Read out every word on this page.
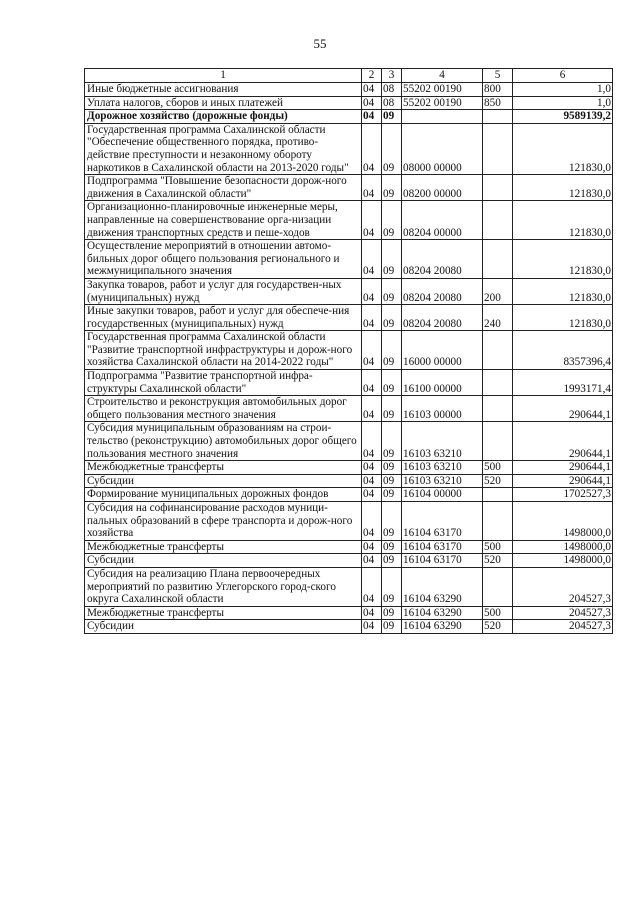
55
1	2	3	4	5	6
Иные бюджетные ассигнования	04	08	55202 00190	800	1,0
Уплата налогов, сборов и иных платежей	04	08	55202 00190	850	1,0
Дорожное хозяйство (дорожные фонды)	04	09			9589139,2
Государственная программа Сахалинской области "Обеспечение общественного порядка, противо-действие преступности и незаконному обороту наркотиков в Сахалинской области на 2013-2020 годы"	04	09	08000 00000		121830,0
Подпрограмма "Повышение безопасности дорож-ного движения в Сахалинской области"	04	09	08200 00000		121830,0
Организационно-планировочные инженерные меры, направленные на совершенствование орга-низации движения транспортных средств и пеше-ходов	04	09	08204 00000		121830,0
Осуществление мероприятий в отношении автомо-бильных дорог общего пользования регионального и межмуниципального значения	04	09	08204 20080		121830,0
Закупка товаров, работ и услуг для государствен-ных (муниципальных) нужд	04	09	08204 20080	200	121830,0
Иные закупки товаров, работ и услуг для обеспече-ния государственных (муниципальных) нужд	04	09	08204 20080	240	121830,0
Государственная программа Сахалинской области "Развитие транспортной инфраструктуры и дорож-ного хозяйства Сахалинской области на 2014-2022 годы"	04	09	16000 00000		8357396,4
Подпрограмма "Развитие транспортной инфра-структуры Сахалинской области"	04	09	16100 00000		1993171,4
Строительство и реконструкция автомобильных дорог общего пользования местного значения	04	09	16103 00000		290644,1
Субсидия муниципальным образованиям на строи-тельство (реконструкцию) автомобильных дорог общего пользования местного значения	04	09	16103 63210		290644,1
Межбюджетные трансферты	04	09	16103 63210	500	290644,1
Субсидии	04	09	16103 63210	520	290644,1
Формирование муниципальных дорожных фондов	04	09	16104 00000		1702527,3
Субсидия на софинансирование расходов муници-пальных образований в сфере транспорта и дорож-ного хозяйства	04	09	16104 63170		1498000,0
Межбюджетные трансферты	04	09	16104 63170	500	1498000,0
Субсидии	04	09	16104 63170	520	1498000,0
Субсидия на реализацию Плана первоочередных мероприятий по развитию Углегорского город-ского округа Сахалинской области	04	09	16104 63290		204527,3
Межбюджетные трансферты	04	09	16104 63290	500	204527,3
Субсидии	04	09	16104 63290	520	204527,3
